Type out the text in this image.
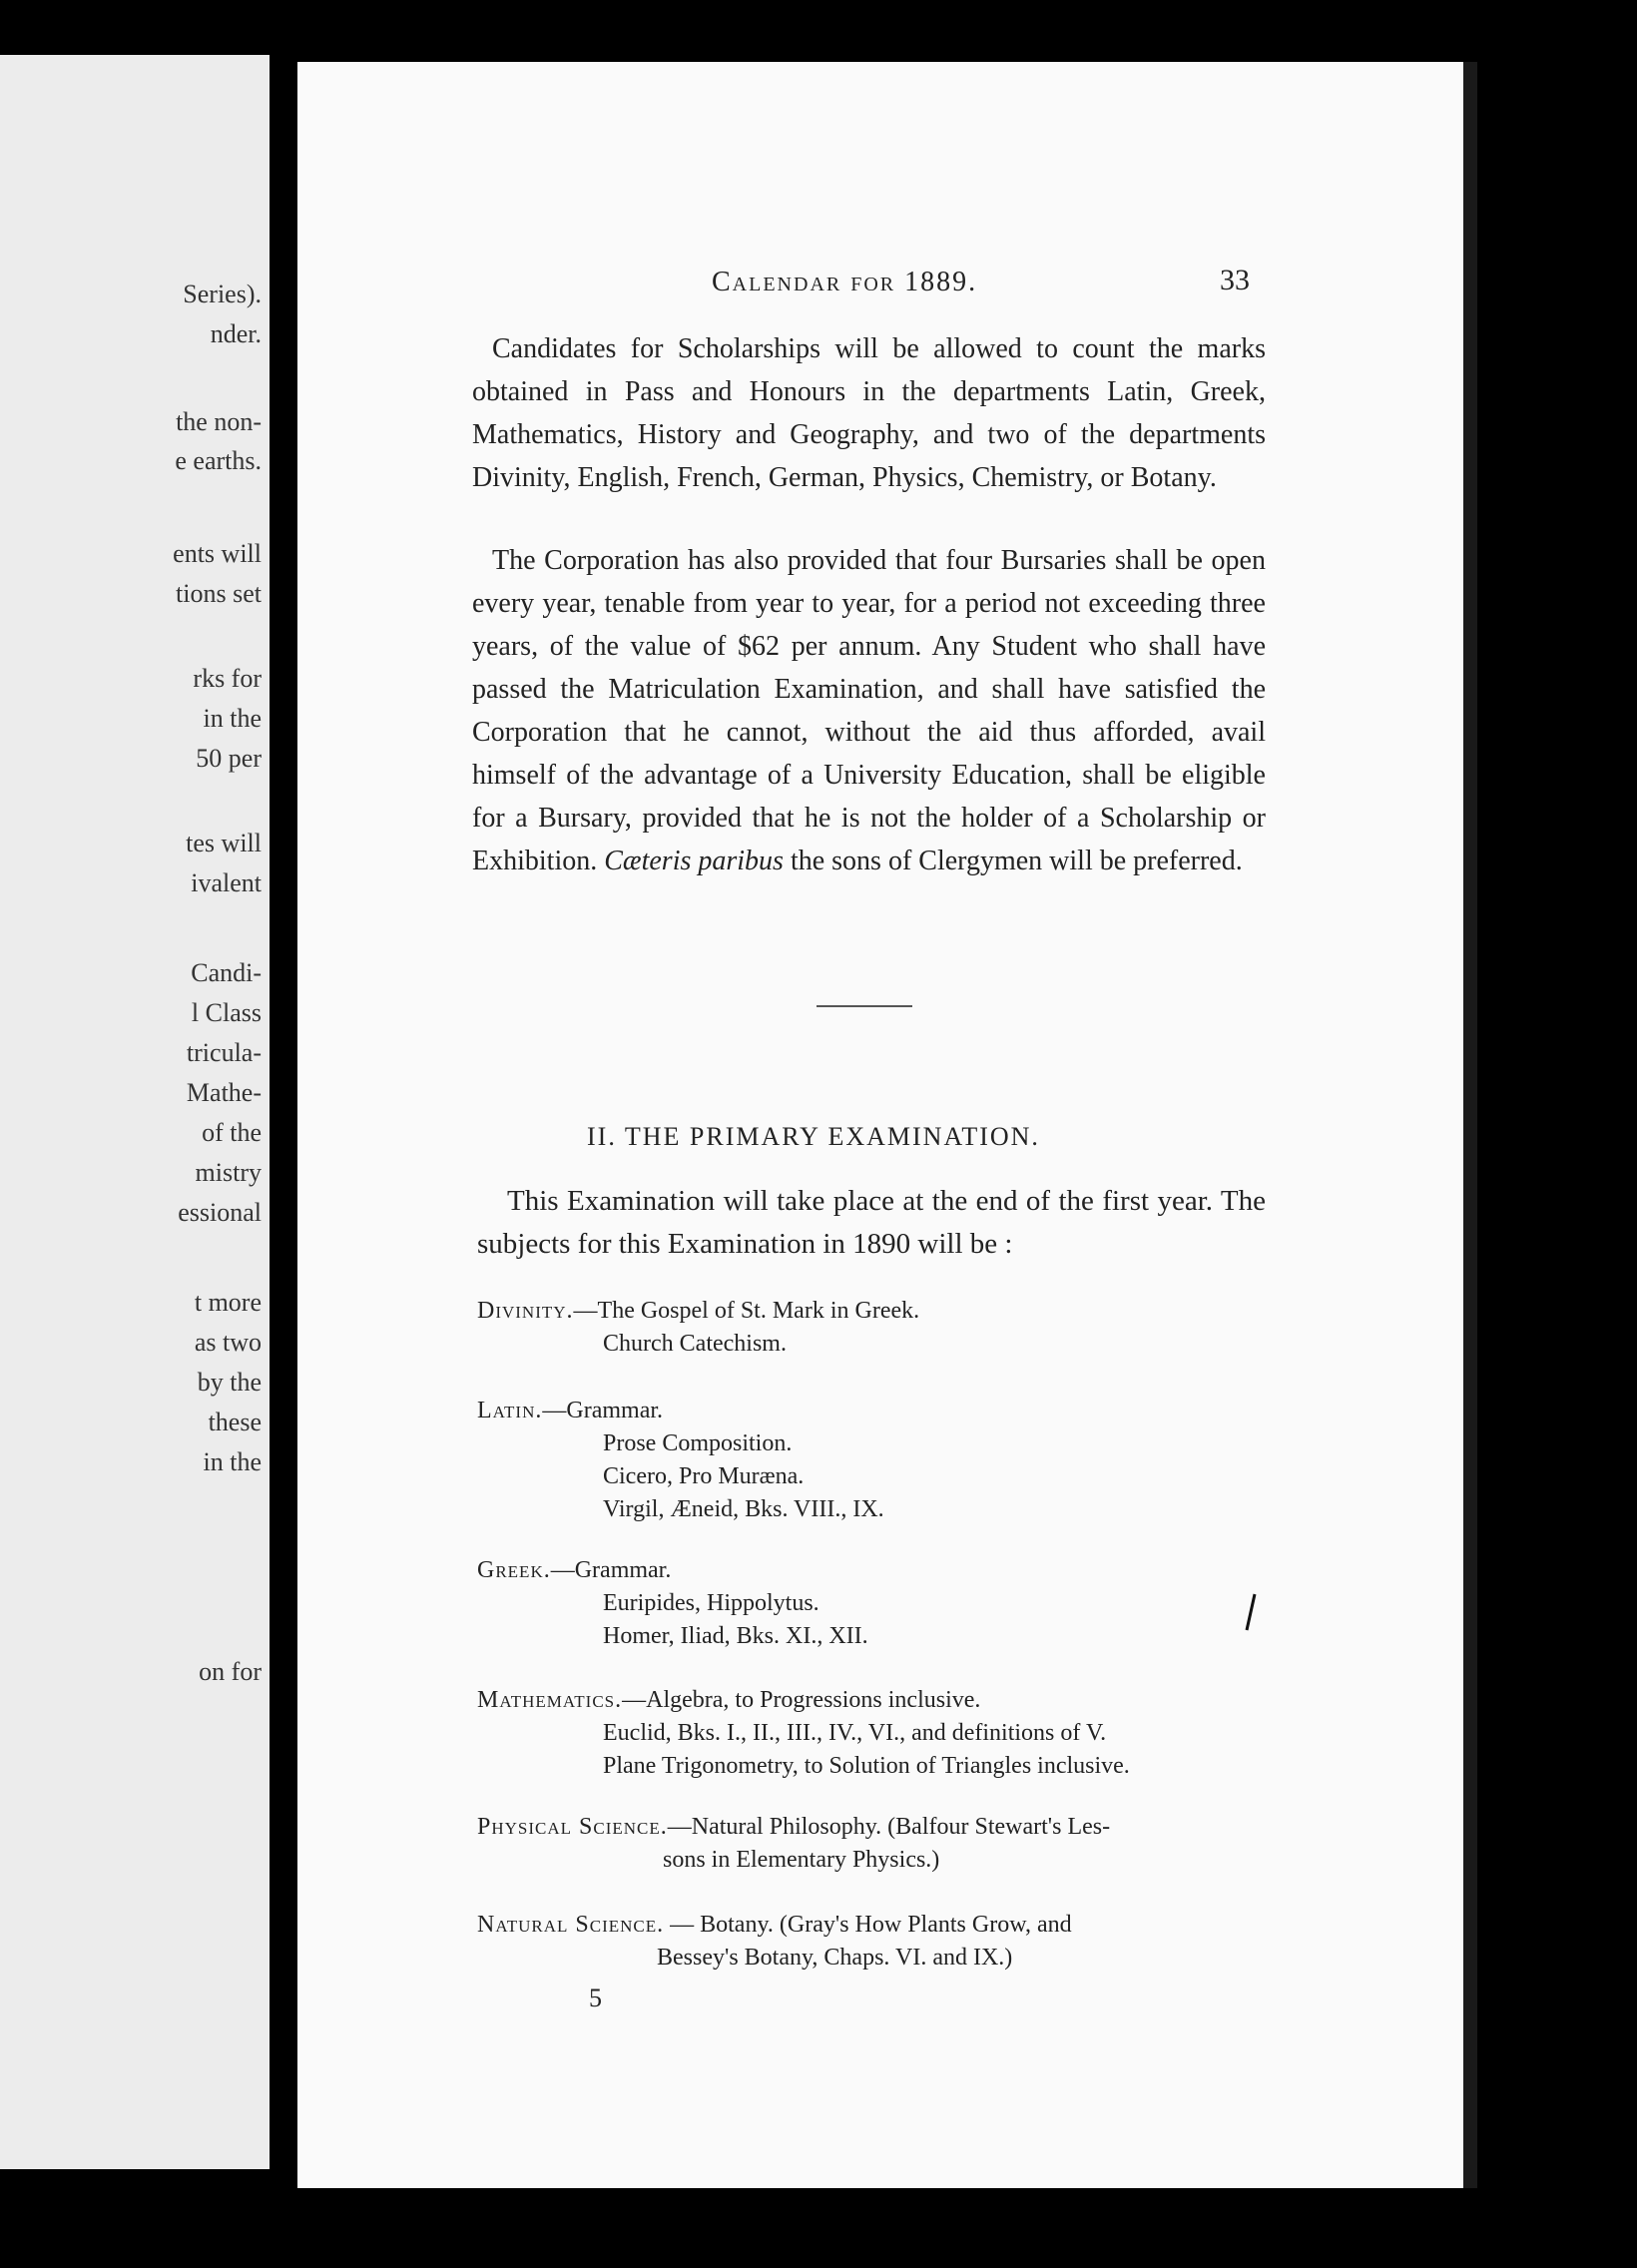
Series).
nder.
the non-
e earths.
ents will
tions set
rks for
in the
50 per
tes will
ivalent
Candi-
l Class
tricula-
Mathe-
of the
mistry
essional
t more
as two
by the
these
in the
on for
Calendar for 1889.	33

Candidates for Scholarships will be allowed to count the marks obtained in Pass and Honours in the departments Latin, Greek, Mathematics, History and Geography, and two of the departments Divinity, English, French, German, Physics, Chemistry, or Botany.

The Corporation has also provided that four Bursaries shall be open every year, tenable from year to year, for a period not exceeding three years, of the value of $62 per annum. Any Student who shall have passed the Matriculation Examination, and shall have satisfied the Corporation that he cannot, without the aid thus afforded, avail himself of the advantage of a University Education, shall be eligible for a Bursary, provided that he is not the holder of a Scholarship or Exhibition. Cæteris paribus the sons of Clergymen will be preferred.

II. THE PRIMARY EXAMINATION.

This Examination will take place at the end of the first year. The subjects for this Examination in 1890 will be :

Divinity.—The Gospel of St. Mark in Greek.
Church Catechism.
Latin.—Grammar.
Prose Composition.
Cicero, Pro Muræna.
Virgil, Æneid, Bks. VIII., IX.
Greek.—Grammar.
Euripides, Hippolytus.
Homer, Iliad, Bks. XI., XII.
Mathematics.—Algebra, to Progressions inclusive.
Euclid, Bks. I., II., III., IV., VI., and definitions of V.
Plane Trigonometry, to Solution of Triangles inclusive.
Physical Science.—Natural Philosophy. (Balfour Stewart's Les-
sons in Elementary Physics.)
Natural Science. — Botany. (Gray's How Plants Grow, and
Bessey's Botany, Chaps. VI. and IX.)
5
